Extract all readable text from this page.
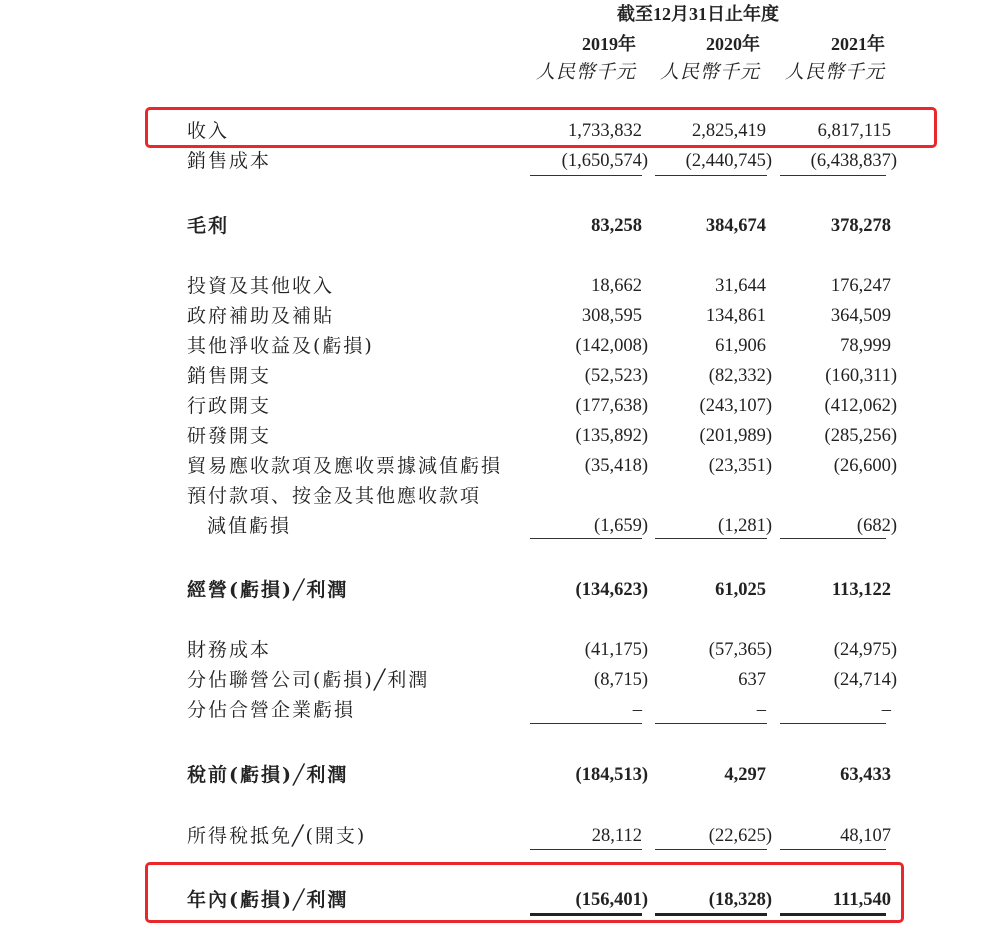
截至12月31日止年度
2019年	2020年	2021年
人民幣千元 人民幣千元 人民幣千元
收入	1,733,832	2,825,419	6,817,115
銷售成本	(1,650,574) (2,440,745) (6,438,837)
毛利	83,258	384,674	378,278
投資及其他收入	18,662	31,644	176,247
政府補助及補貼	308,595	134,861	364,509
其他淨收益及(虧損)	(142,008)	61,906	78,999
銷售開支	(52,523)	(82,332)	(160,311)
行政開支	(177,638)	(243,107)	(412,062)
研發開支	(135,892)	(201,989)	(285,256)
貿易應收款項及應收票據減值虧損	(35,418)	(23,351)	(26,600)
預付款項、按金及其他應收款項
減值虧損	(1,659)	(1,281)	(682)
經營(虧損)╱利潤	(134,623)	61,025	113,122
財務成本	(41,175)	(57,365)	(24,975)
分佔聯營公司(虧損)╱利潤	(8,715)	637	(24,714)
分佔合營企業虧損	–	–	–
稅前(虧損)╱利潤	(184,513)	4,297	63,433
所得稅抵免╱(開支)	28,112	(22,625)	48,107
年內(虧損)╱利潤	(156,401)	(18,328)	111,540
